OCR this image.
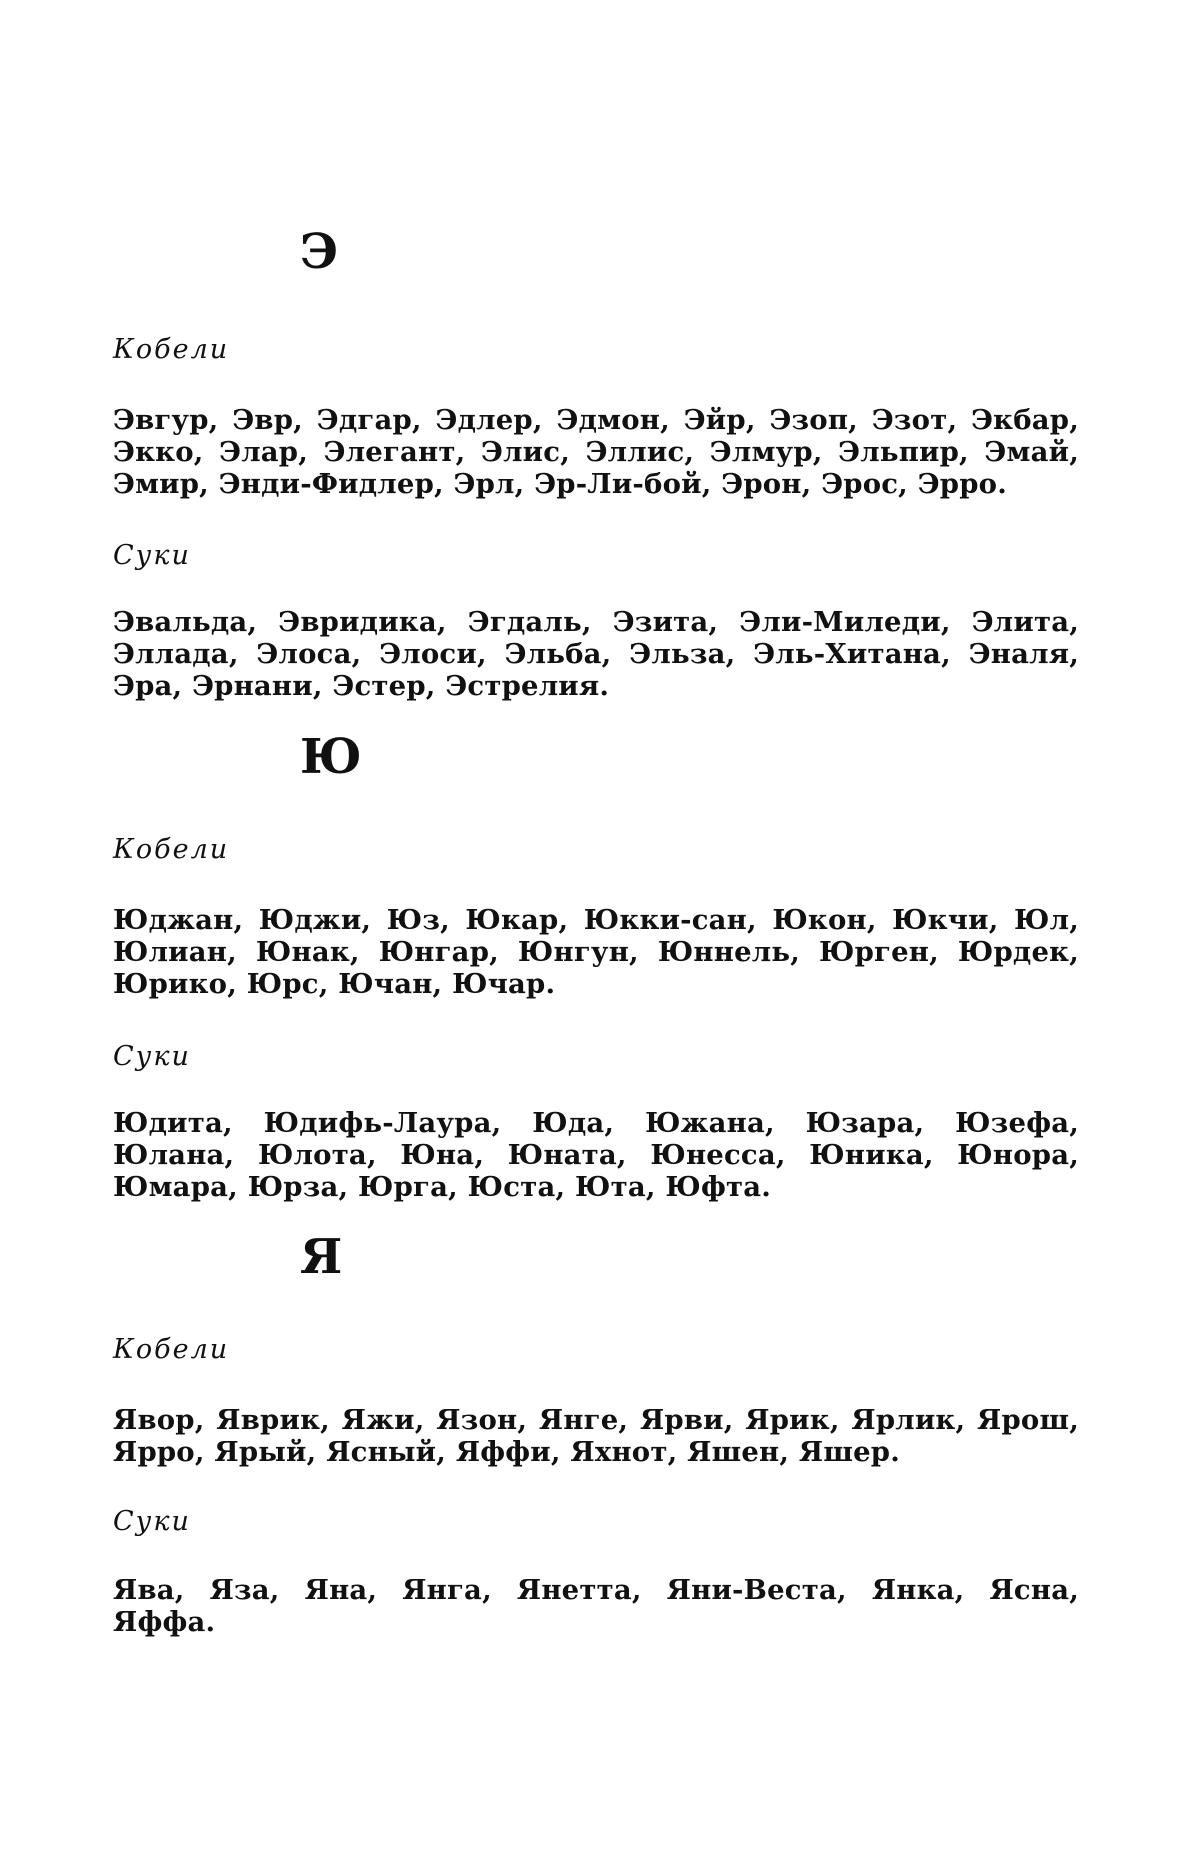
Э
Кобели
Эвгур, Эвр, Эдгар, Эдлер, Эдмон, Эйр, Эзоп, Эзот, Экбар, Экко, Элар, Элегант, Элис, Эллис, Элмур, Эльпир, Эмай, Эмир, Энди-Фидлер, Эрл, Эр-Ли-бой, Эрон, Эрос, Эрро.
Суки
Эвальда, Эвридика, Эгдаль, Эзита, Эли-Миледи, Элита, Эллада, Элоса, Элоси, Эльба, Эльза, Эль-Хитана, Эналя, Эра, Эрнани, Эстер, Эстрелия.
Ю
Кобели
Юджан, Юджи, Юз, Юкар, Юкки-сан, Юкон, Юкчи, Юл, Юлиан, Юнак, Юнгар, Юнгун, Юннель, Юрген, Юрдек, Юрико, Юрс, Ючан, Ючар.
Суки
Юдита, Юдифь-Лаура, Юда, Южана, Юзара, Юзефа, Юлана, Юлота, Юна, Юната, Юнесса, Юника, Юнора, Юмара, Юрза, Юрга, Юста, Юта, Юфта.
Я
Кобели
Явор, Яврик, Яжи, Язон, Янге, Ярви, Ярик, Ярлик, Ярош, Ярро, Ярый, Ясный, Яффи, Яхнот, Яшен, Яшер.
Суки
Ява, Яза, Яна, Янга, Янетта, Яни-Веста, Янка, Ясна, Яффа.
